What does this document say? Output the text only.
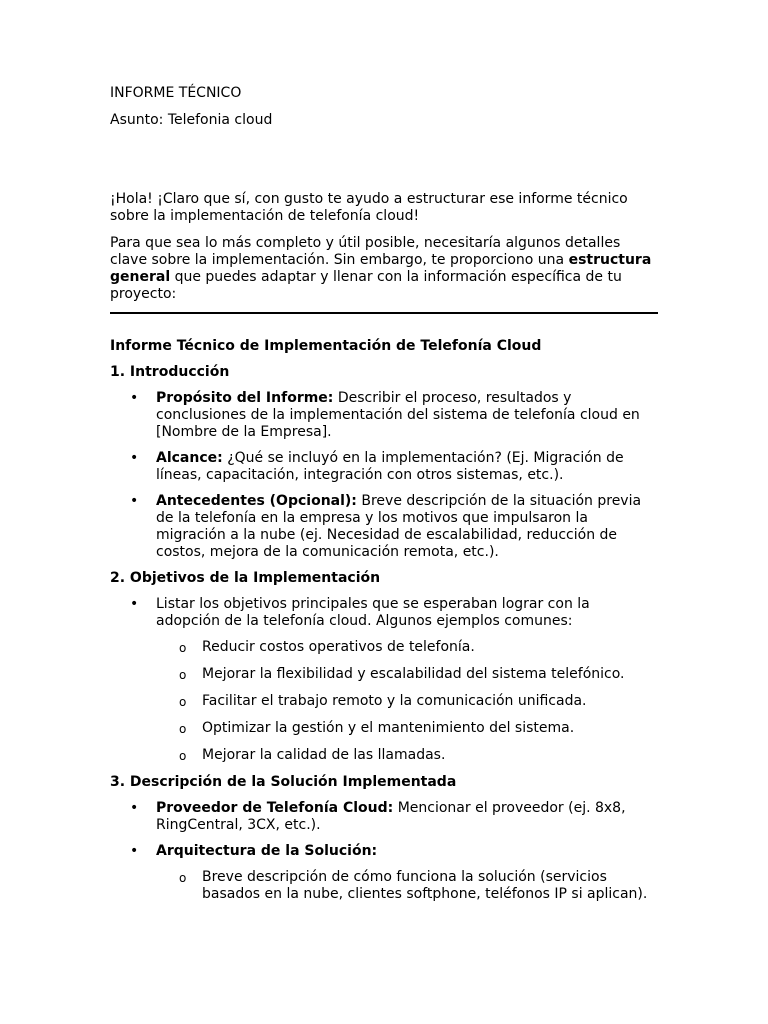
INFORME TÉCNICO

Asunto: Telefonia cloud

¡Hola! ¡Claro que sí, con gusto te ayudo a estructurar ese informe técnico sobre la implementación de telefonía cloud!

Para que sea lo más completo y útil posible, necesitaría algunos detalles clave sobre la implementación. Sin embargo, te proporciono una estructura general que puedes adaptar y llenar con la información específica de tu proyecto:

Informe Técnico de Implementación de Telefonía Cloud

1. Introducción

• Propósito del Informe: Describir el proceso, resultados y conclusiones de la implementación del sistema de telefonía cloud en [Nombre de la Empresa].
• Alcance: ¿Qué se incluyó en la implementación? (Ej. Migración de líneas, capacitación, integración con otros sistemas, etc.).
• Antecedentes (Opcional): Breve descripción de la situación previa de la telefonía en la empresa y los motivos que impulsaron la migración a la nube (ej. Necesidad de escalabilidad, reducción de costos, mejora de la comunicación remota, etc.).

2. Objetivos de la Implementación

• Listar los objetivos principales que se esperaban lograr con la adopción de la telefonía cloud. Algunos ejemplos comunes:
o Reducir costos operativos de telefonía.
o Mejorar la flexibilidad y escalabilidad del sistema telefónico.
o Facilitar el trabajo remoto y la comunicación unificada.
o Optimizar la gestión y el mantenimiento del sistema.
o Mejorar la calidad de las llamadas.

3. Descripción de la Solución Implementada

• Proveedor de Telefonía Cloud: Mencionar el proveedor (ej. 8x8, RingCentral, 3CX, etc.).
• Arquitectura de la Solución:
o Breve descripción de cómo funciona la solución (servicios basados en la nube, clientes softphone, teléfonos IP si aplican).
